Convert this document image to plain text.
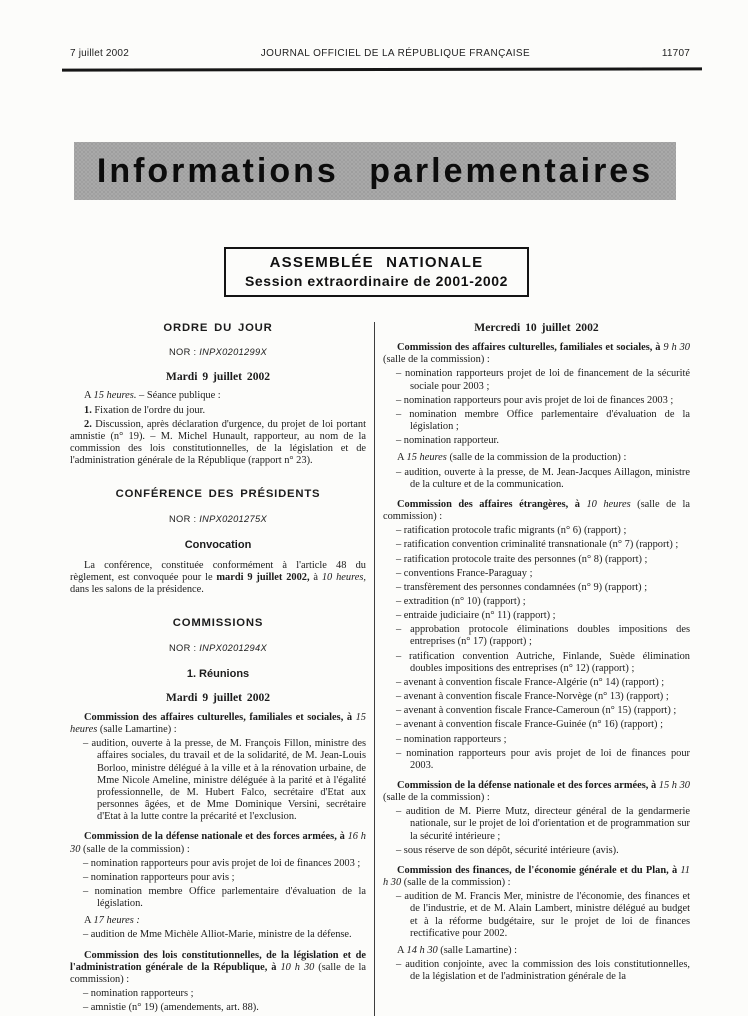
7 juillet 2002	JOURNAL OFFICIEL DE LA RÉPUBLIQUE FRANÇAISE	11707
Informations parlementaires
ASSEMBLÉE NATIONALE
Session extraordinaire de 2001-2002
ORDRE DU JOUR
NOR : INPX0201299X
Mardi 9 juillet 2002
A 15 heures. – Séance publique :
1. Fixation de l'ordre du jour.
2. Discussion, après déclaration d'urgence, du projet de loi portant amnistie (n° 19). – M. Michel Hunault, rapporteur, au nom de la commission des lois constitutionnelles, de la législation et de l'administration générale de la République (rapport n° 23).
CONFÉRENCE DES PRÉSIDENTS
NOR : INPX0201275X
Convocation
La conférence, constituée conformément à l'article 48 du règlement, est convoquée pour le mardi 9 juillet 2002, à 10 heures, dans les salons de la présidence.
COMMISSIONS
NOR : INPX0201294X
1. Réunions
Mardi 9 juillet 2002
Commission des affaires culturelles, familiales et sociales, à 15 heures (salle Lamartine) :
– audition, ouverte à la presse, de M. François Fillon, ministre des affaires sociales, du travail et de la solidarité, de M. Jean-Louis Borloo, ministre délégué à la ville et à la rénovation urbaine, de Mme Nicole Ameline, ministre déléguée à la parité et à l'égalité professionnelle, de M. Hubert Falco, secrétaire d'Etat aux personnes âgées, et de Mme Dominique Versini, secrétaire d'Etat à la lutte contre la précarité et l'exclusion.
Commission de la défense nationale et des forces armées, à 16 h 30 (salle de la commission) :
– nomination rapporteurs pour avis projet de loi de finances 2003 ;
– nomination rapporteurs pour avis ;
– nomination membre Office parlementaire d'évaluation de la législation.
A 17 heures :
– audition de Mme Michèle Alliot-Marie, ministre de la défense.
Commission des lois constitutionnelles, de la législation et de l'administration générale de la République, à 10 h 30 (salle de la commission) :
– nomination rapporteurs ;
– amnistie (n° 19) (amendements, art. 88).
Mercredi 10 juillet 2002
Commission des affaires culturelles, familiales et sociales, à 9 h 30 (salle de la commission) :
– nomination rapporteurs projet de loi de financement de la sécurité sociale pour 2003 ;
– nomination rapporteurs pour avis projet de loi de finances 2003 ;
– nomination membre Office parlementaire d'évaluation de la législation ;
– nomination rapporteur.
A 15 heures (salle de la commission de la production) :
– audition, ouverte à la presse, de M. Jean-Jacques Aillagon, ministre de la culture et de la communication.
Commission des affaires étrangères, à 10 heures (salle de la commission) :
– ratification protocole trafic migrants (n° 6) (rapport) ;
– ratification convention criminalité transnationale (n° 7) (rapport) ;
– ratification protocole traite des personnes (n° 8) (rapport) ;
– conventions France-Paraguay ;
– transfèrement des personnes condamnées (n° 9) (rapport) ;
– extradition (n° 10) (rapport) ;
– entraide judiciaire (n° 11) (rapport) ;
– approbation protocole éliminations doubles impositions des entreprises (n° 17) (rapport) ;
– ratification convention Autriche, Finlande, Suède élimination doubles impositions des entreprises (n° 12) (rapport) ;
– avenant à convention fiscale France-Algérie (n° 14) (rapport) ;
– avenant à convention fiscale France-Norvège (n° 13) (rapport) ;
– avenant à convention fiscale France-Cameroun (n° 15) (rapport) ;
– avenant à convention fiscale France-Guinée (n° 16) (rapport) ;
– nomination rapporteurs ;
– nomination rapporteurs pour avis projet de loi de finances pour 2003.
Commission de la défense nationale et des forces armées, à 15 h 30 (salle de la commission) :
– audition de M. Pierre Mutz, directeur général de la gendarmerie nationale, sur le projet de loi d'orientation et de programmation sur la sécurité intérieure ;
– sous réserve de son dépôt, sécurité intérieure (avis).
Commission des finances, de l'économie générale et du Plan, à 11 h 30 (salle de la commission) :
– audition de M. Francis Mer, ministre de l'économie, des finances et de l'industrie, et de M. Alain Lambert, ministre délégué au budget et à la réforme budgétaire, sur le projet de loi de finances rectificative pour 2002.
A 14 h 30 (salle Lamartine) :
– audition conjointe, avec la commission des lois constitutionnelles, de la législation et de l'administration générale de la
